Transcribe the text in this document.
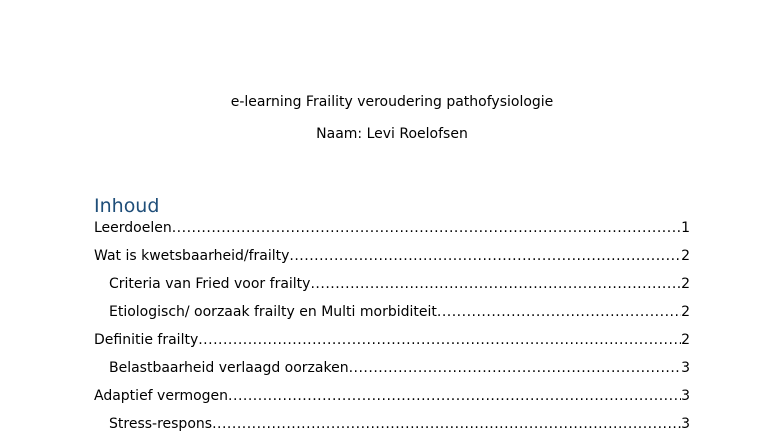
e-learning Fraility veroudering pathofysiologie
Naam: Levi Roelofsen
Inhoud
Leerdoelen .....	1
Wat is kwetsbaarheid/frailty .....	2
Criteria van Fried voor frailty .....	2
Etiologisch/ oorzaak frailty en Multi morbiditeit .....	2
Definitie frailty .....	2
Belastbaarheid verlaagd oorzaken .....	3
Adaptief vermogen .....	3
Stress-respons .....	3
